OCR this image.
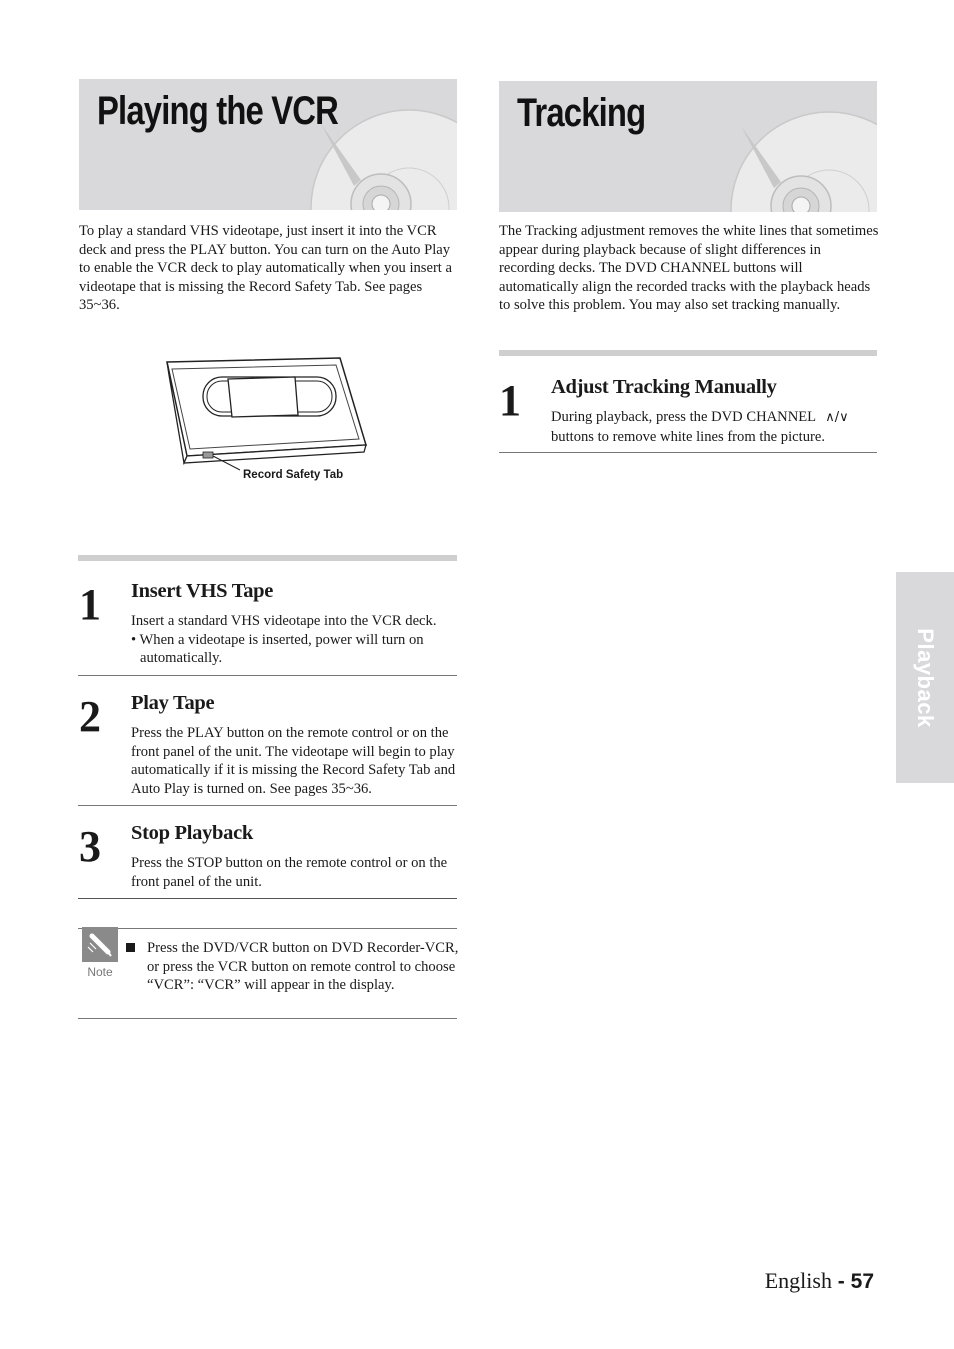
Playing the VCR	Tracking
To play a standard VHS videotape, just insert it into the VCR deck and press the PLAY button. You can turn on the Auto Play to enable the VCR deck to play automatically when you insert a videotape that is missing the Record Safety Tab. See pages 35~36.
The Tracking adjustment removes the white lines that sometimes appear during playback because of slight differences in recording decks. The DVD CHANNEL buttons will automatically align the recorded tracks with the playback heads to solve this problem. You may also set tracking manually.
Record Safety Tab
1 Insert VHS Tape
Insert a standard VHS videotape into the VCR deck.
• When a videotape is inserted, power will turn on automatically.
2 Play Tape
Press the PLAY button on the remote control or on the front panel of the unit. The videotape will begin to play automatically if it is missing the Record Safety Tab and Auto Play is turned on. See pages 35~36.
3 Stop Playback
Press the STOP button on the remote control or on the front panel of the unit.
Note
Press the DVD/VCR button on DVD Recorder-VCR, or press the VCR button on remote control to choose “VCR”: “VCR” will appear in the display.
1 Adjust Tracking Manually
During playback, press the DVD CHANNEL ∧/∨
buttons to remove white lines from the picture.
Playback
English - 57
